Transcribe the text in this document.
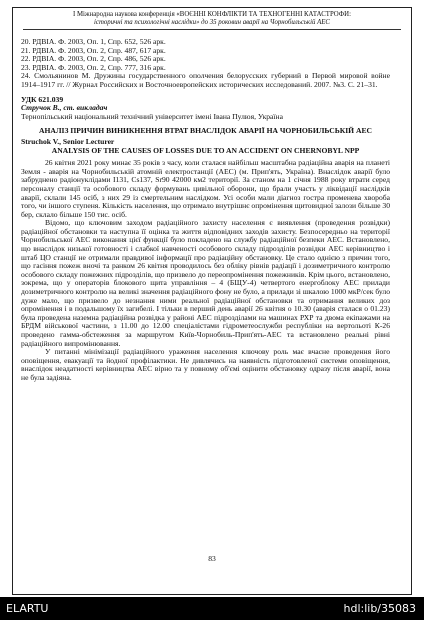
І Міжнародна наукова конференція «ВОЄННІ КОНФЛІКТИ ТА ТЕХНОГЕННІ КАТАСТРОФИ:
історичні та психологічні наслідки» до 35 роковин аварії на Чорнобильській АЕС
20. РДВІА. Ф. 2003, Оп. 1, Спр. 652, 526 арк.
21. РДВІА. Ф. 2003, Оп. 2, Спр. 487, 617 арк.
22. РДВІА. Ф. 2003, Оп. 2, Спр. 486, 526 арк.
23. РДВІА. Ф. 2003, Оп. 2, Спр. 777, 316 арк.
24. Смольянинов М. Дружины государственного ополчения белорусских губерний в Первой мировой войне 1914–1917 гг. // Журнал Российских и Восточноевропейских исторических исследований. 2007. №3. С. 21–31.
УДК 621.039
Стручок В., ст. викладач
Тернопільський національний технічний університет імені Івана Пулюя, Україна
АНАЛІЗ ПРИЧИН ВИНИКНЕННЯ ВТРАТ ВНАСЛІДОК АВАРІЇ НА ЧОРНОБИЛЬСЬКІЙ АЕС
Struchok V., Senior Lecturer
ANALYSIS OF THE CAUSES OF LOSSES DUE TO AN ACCIDENT ON CHERNOBYL NPP

26 квітня 2021 року минає 35 років з часу, коли сталася найбільш масштабна радіаційна аварія на планеті Земля - аварія на Чорнобильській атомній електростанції (АЕС) (м. Прип'ять, Україна). Внаслідок аварії було забруднено радіонуклідами I131, Cs137, Sr90 42000 км2 території. За станом на 1 січня 1988 року втрати серед персоналу станції та особового складу формувань цивільної оборони, що брали участь у ліквідації наслідків аварії, склали 145 осіб, з них 29 із смертельним наслідком. Усі особи мали діагноз гостра променева хвороба того, чи іншого ступеня. Кількість населення, що отримало внутрішнє опромінення щитовидної залози більше 30 бер, склало більше 150 тис. осіб.

Відомо, що ключовим заходом радіаційного захисту населення є виявлення (проведення розвідки) радіаційної обстановки та наступна її оцінка та життя відповідних заходів захисту. Безпосередньо на території Чорнобильської АЕС виконання цієї функції було покладено на службу радіаційної безпеки АЕС. Встановлено, що внаслідок низької готовності і слабкої навченості особового складу підрозділів розвідки АЕС керівництво і штаб ЦО станції не отримали правдивої інформації про радіаційну обстановку. Це стало однією з причин того, що гасіння пожеж вночі та ранком 26 квітня проводилось без обліку рівнів радіації і дозиметричного контролю особового складу пожежних підрозділів, що призвело до переопромінення пожежників. Крім цього, встановлено, зокрема, що у операторів блокового щита управління – 4 (БЩУ-4) четвертого енергоблоку АЕС прилади дозиметричного контролю на великі значення радіаційного фону не було, а прилади зі шкалою 1000 мкР/сек було дуже мало, що призвело до незнання ними реальної радіаційної обстановки та отримання великих доз опромінення і в подальшому їх загибелі. І тільки в перший день аварії 26 квітня о 10.30 (аварія сталася о 01.23) була проведена наземна радіаційна розвідка у районі АЕС підрозділами на машинах РХР та двома екіпажами на БРДМ військової частини, з 11.00 до 12.00 спеціалістами гідрометеослужби республіки на вертольоті К-26 проведено гамма-обстеження за маршрутом Київ-Чорнобиль-Прип'ять-АЕС та встановлено реальні рівні радіаційного випромінювання.

У питанні мінімізації радіаційного ураження населення ключову роль має вчасне проведення його оповіщення, евакуації та йодної профілактики. Не дивлячись на наявність підготовленої системи оповіщення, внаслідок неадатності керівництва АЕС вірно та у повному об'ємі оцінити обстановку одразу після аварії, вона не була задіяна.

83
ELARTU	hdl:lib/35083
